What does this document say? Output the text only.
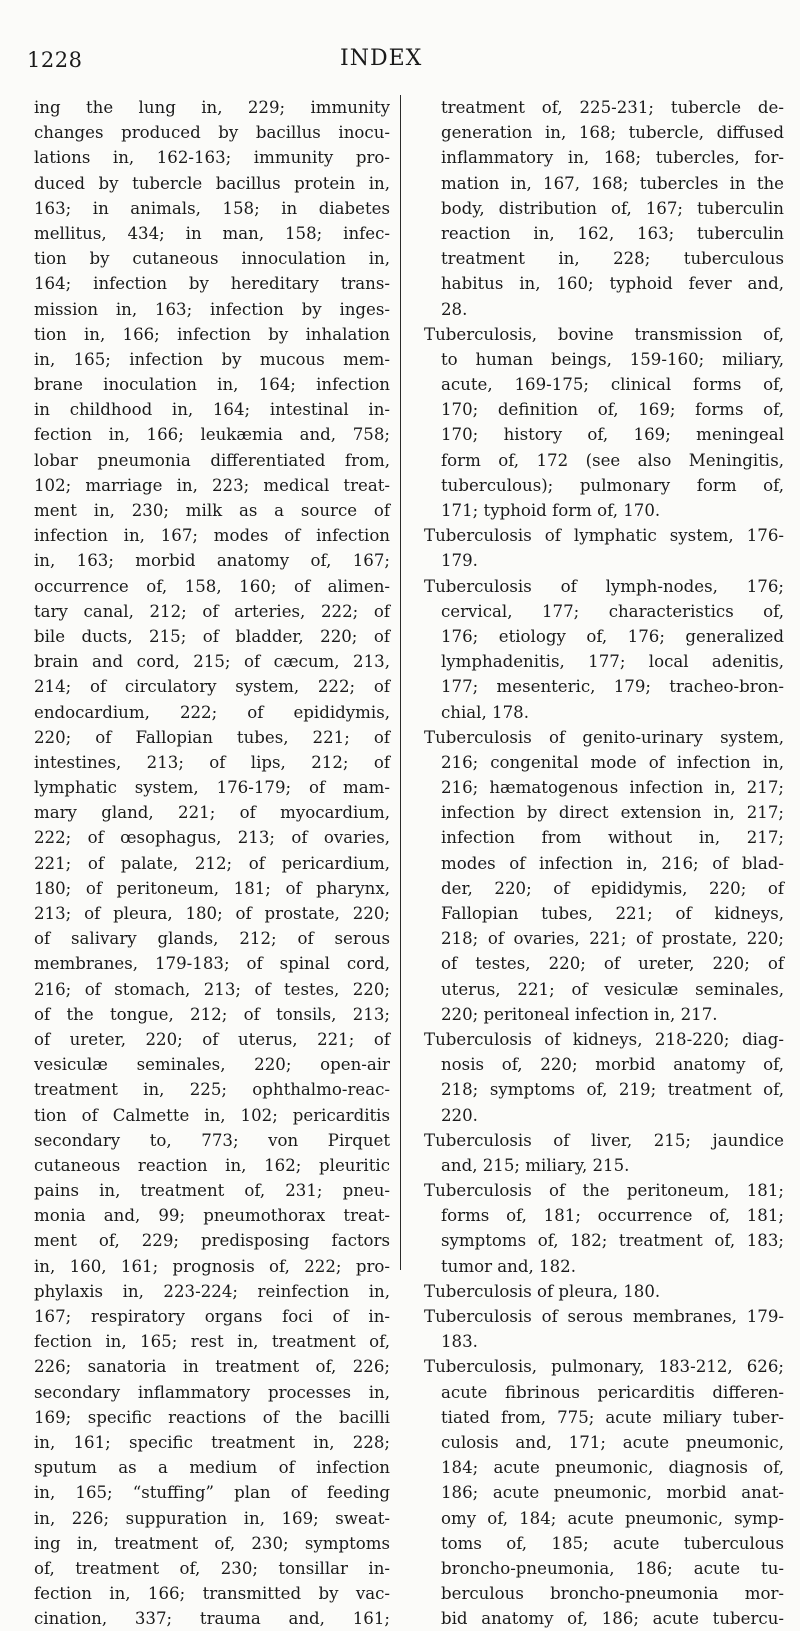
1228	INDEX
ing the lung in, 229; immunity
changes produced by bacillus inocu-
lations in, 162-163; immunity pro-
duced by tubercle bacillus protein in,
163; in animals, 158; in diabetes
mellitus, 434; in man, 158; infec-
tion by cutaneous innoculation in,
164; infection by hereditary trans-
mission in, 163; infection by inges-
tion in, 166; infection by inhalation
in, 165; infection by mucous mem-
brane inoculation in, 164; infection
in childhood in, 164; intestinal in-
fection in, 166; leukæmia and, 758;
lobar pneumonia differentiated from,
102; marriage in, 223; medical treat-
ment in, 230; milk as a source of
infection in, 167; modes of infection
in, 163; morbid anatomy of, 167;
occurrence of, 158, 160; of alimen-
tary canal, 212; of arteries, 222; of
bile ducts, 215; of bladder, 220; of
brain and cord, 215; of cæcum, 213,
214; of circulatory system, 222; of
endocardium, 222; of epididymis,
220; of Fallopian tubes, 221; of
intestines, 213; of lips, 212; of
lymphatic system, 176-179; of mam-
mary gland, 221; of myocardium,
222; of œsophagus, 213; of ovaries,
221; of palate, 212; of pericardium,
180; of peritoneum, 181; of pharynx,
213; of pleura, 180; of prostate, 220;
of salivary glands, 212; of serous
membranes, 179-183; of spinal cord,
216; of stomach, 213; of testes, 220;
of the tongue, 212; of tonsils, 213;
of ureter, 220; of uterus, 221; of
vesiculæ seminales, 220; open-air
treatment in, 225; ophthalmo-reac-
tion of Calmette in, 102; pericarditis
secondary to, 773; von Pirquet
cutaneous reaction in, 162; pleuritic
pains in, treatment of, 231; pneu-
monia and, 99; pneumothorax treat-
ment of, 229; predisposing factors
in, 160, 161; prognosis of, 222; pro-
phylaxis in, 223-224; reinfection in,
167; respiratory organs foci of in-
fection in, 165; rest in, treatment of,
226; sanatoria in treatment of, 226;
secondary inflammatory processes in,
169; specific reactions of the bacilli
in, 161; specific treatment in, 228;
sputum as a medium of infection
in, 165; “stuffing” plan of feeding
in, 226; suppuration in, 169; sweat-
ing in, treatment of, 230; symptoms
of, treatment of, 230; tonsillar in-
fection in, 166; transmitted by vac-
cination, 337; trauma and, 161;
treatment of, 225-231; tubercle de-
generation in, 168; tubercle, diffused
inflammatory in, 168; tubercles, for-
mation in, 167, 168; tubercles in the
body, distribution of, 167; tuberculin
reaction in, 162, 163; tuberculin
treatment in, 228; tuberculous
habitus in, 160; typhoid fever and,
28.
Tuberculosis, bovine transmission of,
to human beings, 159-160; miliary,
acute, 169-175; clinical forms of,
170; definition of, 169; forms of,
170; history of, 169; meningeal
form of, 172 (see also Meningitis,
tuberculous); pulmonary form of,
171; typhoid form of, 170.
Tuberculosis of lymphatic system, 176-
179.
Tuberculosis of lymph-nodes, 176;
cervical, 177; characteristics of,
176; etiology of, 176; generalized
lymphadenitis, 177; local adenitis,
177; mesenteric, 179; tracheo-bron-
chial, 178.
Tuberculosis of genito-urinary system,
216; congenital mode of infection in,
216; hæmatogenous infection in, 217;
infection by direct extension in, 217;
infection from without in, 217;
modes of infection in, 216; of blad-
der, 220; of epididymis, 220; of
Fallopian tubes, 221; of kidneys,
218; of ovaries, 221; of prostate, 220;
of testes, 220; of ureter, 220; of
uterus, 221; of vesiculæ seminales,
220; peritoneal infection in, 217.
Tuberculosis of kidneys, 218-220; diag-
nosis of, 220; morbid anatomy of,
218; symptoms of, 219; treatment of,
220.
Tuberculosis of liver, 215; jaundice
and, 215; miliary, 215.
Tuberculosis of the peritoneum, 181;
forms of, 181; occurrence of, 181;
symptoms of, 182; treatment of, 183;
tumor and, 182.
Tuberculosis of pleura, 180.
Tuberculosis of serous membranes, 179-
183.
Tuberculosis, pulmonary, 183-212, 626;
acute fibrinous pericarditis differen-
tiated from, 775; acute miliary tuber-
culosis and, 171; acute pneumonic,
184; acute pneumonic, diagnosis of,
186; acute pneumonic, morbid anat-
omy of, 184; acute pneumonic, symp-
toms of, 185; acute tuberculous
broncho-pneumonia, 186; acute tu-
berculous broncho-pneumonia mor-
bid anatomy of, 186; acute tubercu-
